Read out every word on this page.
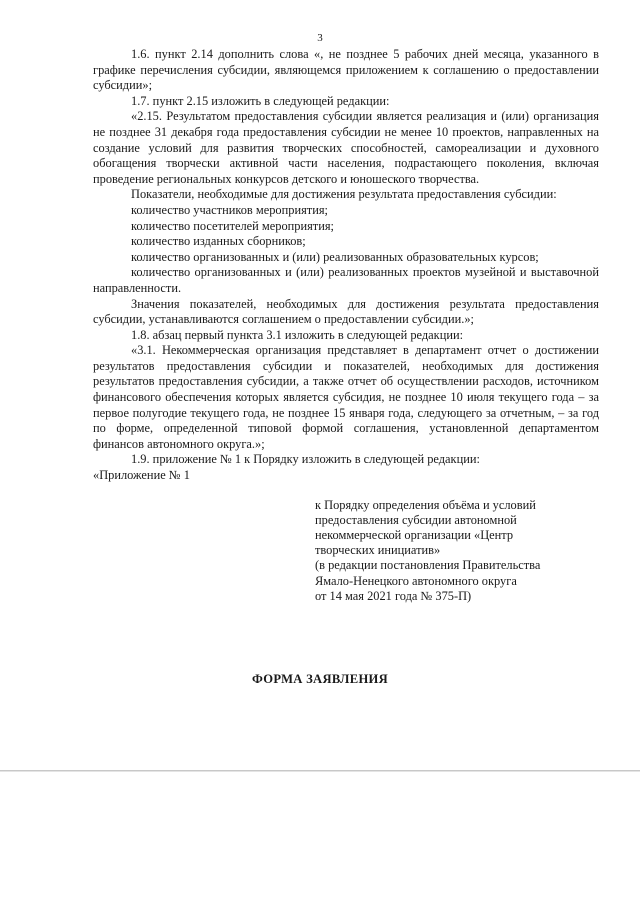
3

1.6. пункт 2.14 дополнить слова «, не позднее 5 рабочих дней месяца, указанного в графике перечисления субсидии, являющемся приложением к соглашению о предоставлении субсидии»;

1.7. пункт 2.15 изложить в следующей редакции:

«2.15. Результатом предоставления субсидии является реализация и (или) организация не позднее 31 декабря года предоставления субсидии не менее 10 проектов, направленных на создание условий для развития творческих способностей, самореализации и духовного обогащения творчески активной части населения, подрастающего поколения, включая проведение региональных конкурсов детского и юношеского творчества.

Показатели, необходимые для достижения результата предоставления субсидии:

количество участников мероприятия;

количество посетителей мероприятия;

количество изданных сборников;

количество организованных и (или) реализованных образовательных курсов;

количество организованных и (или) реализованных проектов музейной и выставочной направленности.

Значения показателей, необходимых для достижения результата предоставления субсидии, устанавливаются соглашением о предоставлении субсидии.»;

1.8. абзац первый пункта 3.1 изложить в следующей редакции:

«3.1. Некоммерческая организация представляет в департамент отчет о достижении результатов предоставления субсидии и показателей, необходимых для достижения результатов предоставления субсидии, а также отчет об осуществлении расходов, источником финансового обеспечения которых является субсидия, не позднее 10 июля текущего года – за первое полугодие текущего года, не позднее 15 января года, следующего за отчетным, – за год по форме, определенной типовой формой соглашения, установленной департаментом финансов автономного округа.»;

1.9. приложение № 1 к Порядку изложить в следующей редакции:

«Приложение № 1

к Порядку определения объёма и условий
предоставления субсидии автономной
некоммерческой организации «Центр
творческих инициатив»
(в редакции постановления Правительства
Ямало-Ненецкого автономного округа
от 14 мая 2021 года № 375-П)
ФОРМА ЗАЯВЛЕНИЯ
